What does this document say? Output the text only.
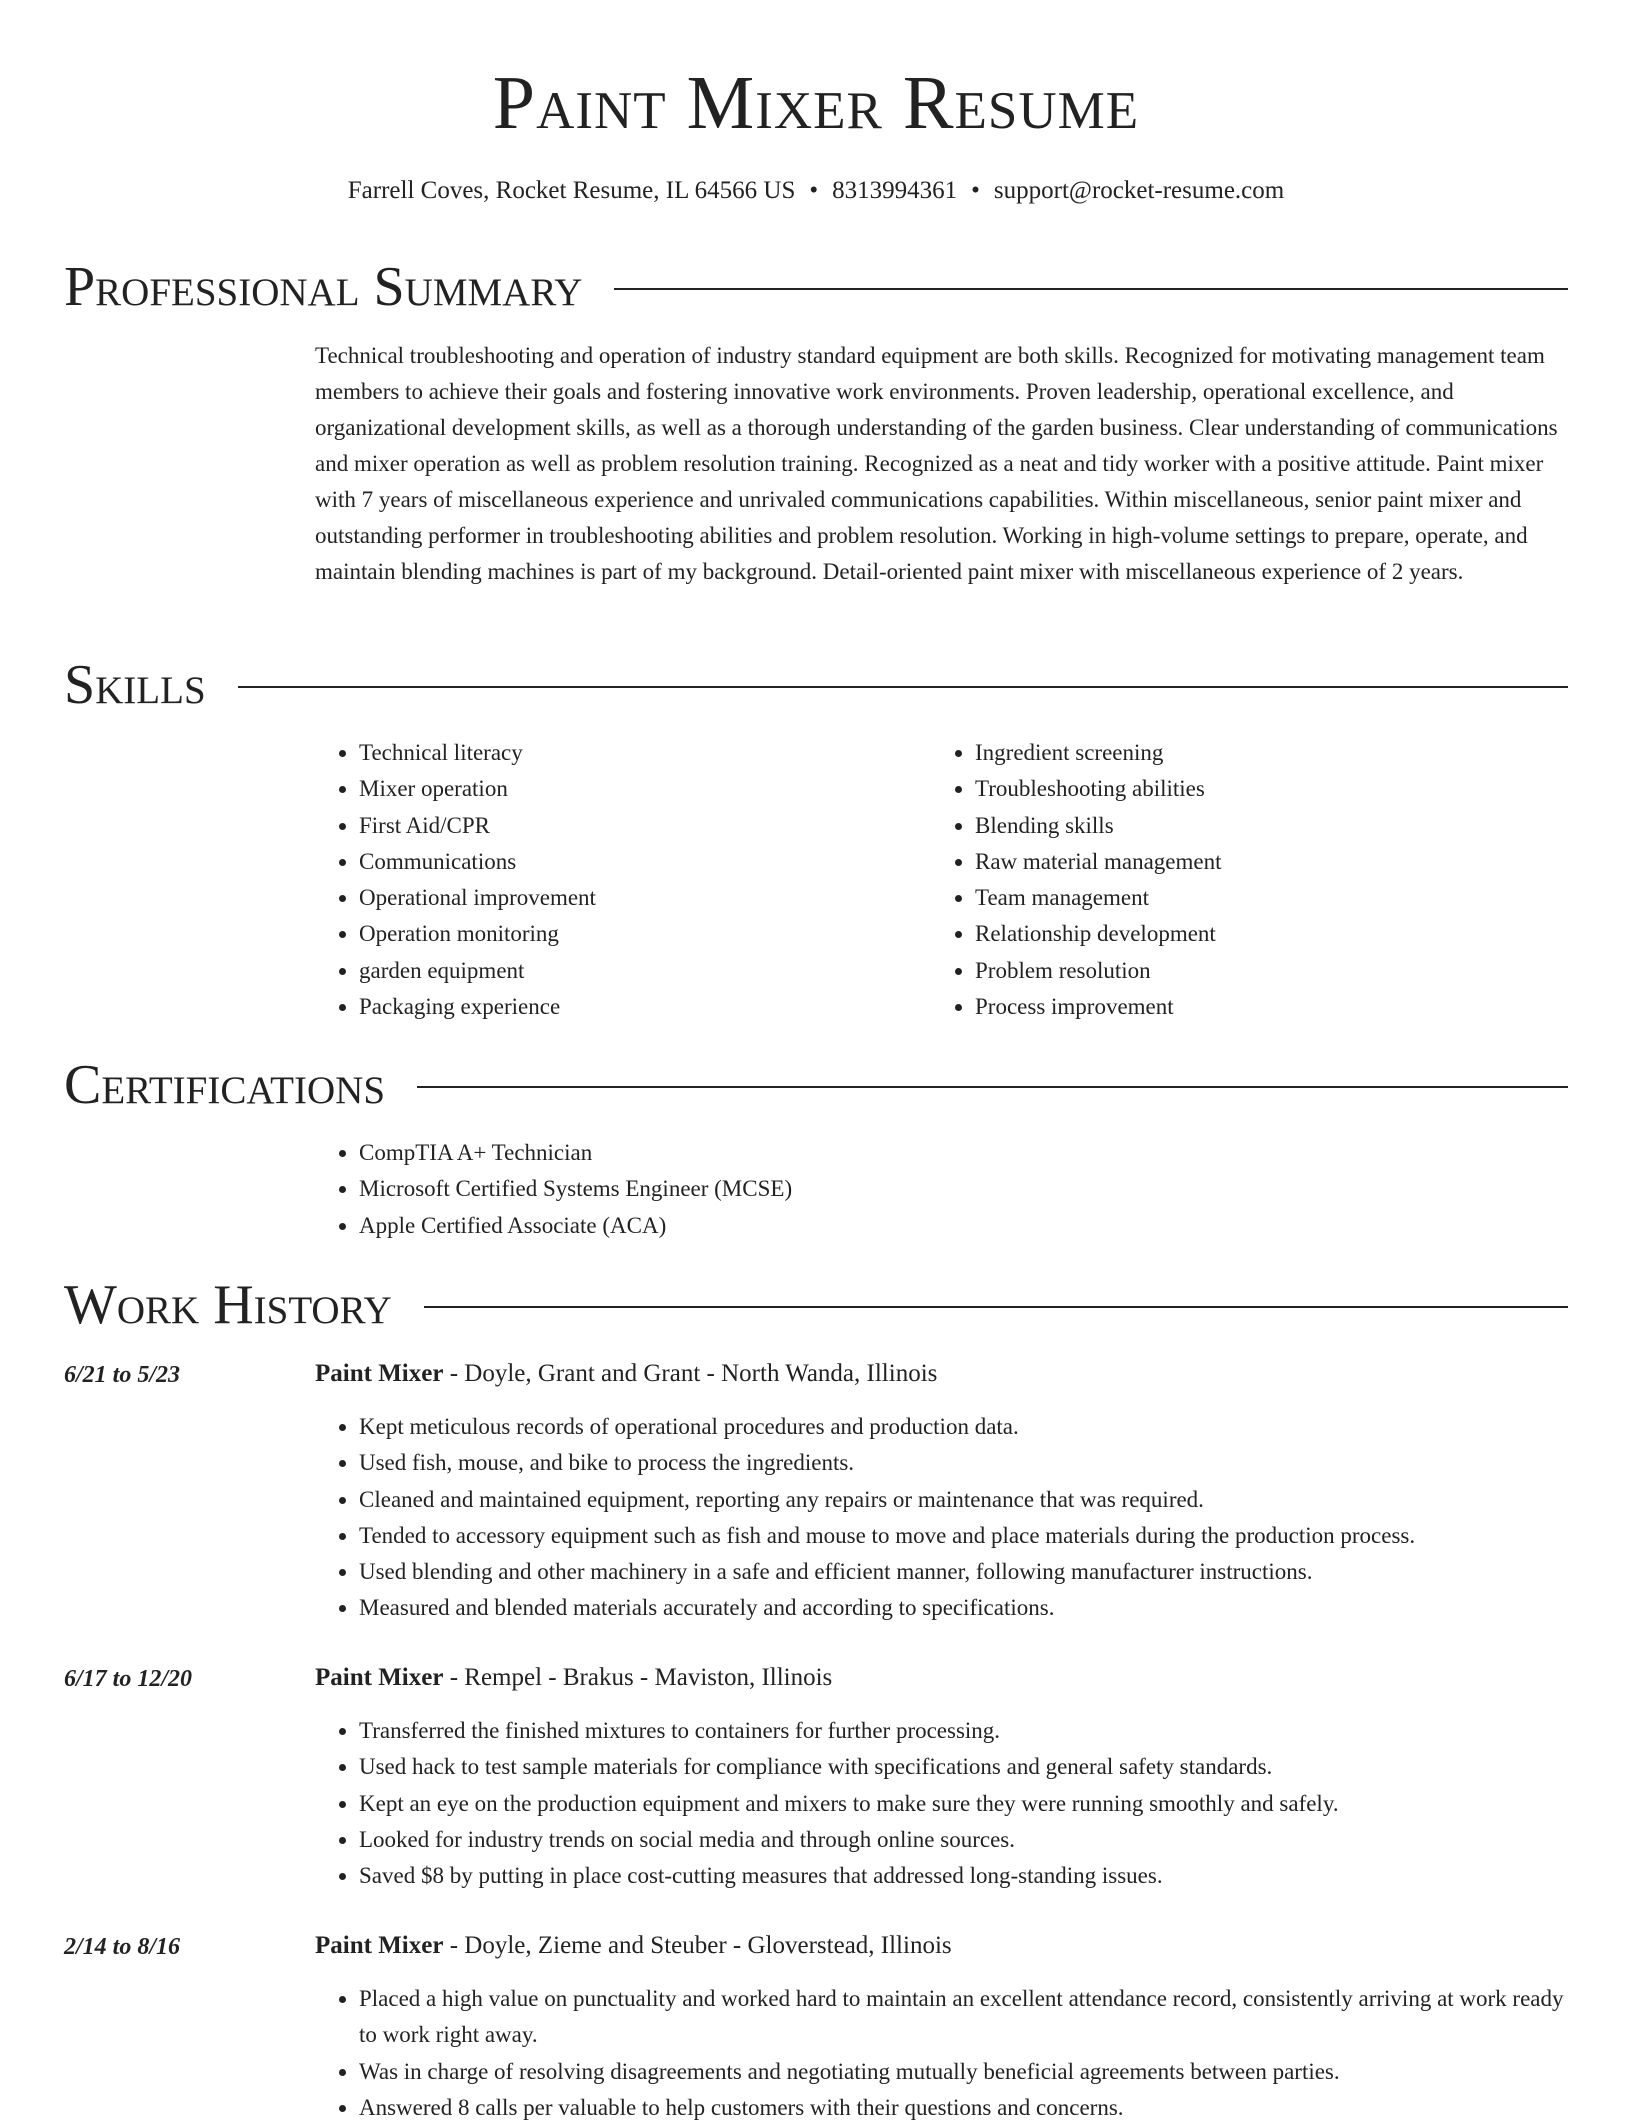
Paint Mixer Resume
Farrell Coves, Rocket Resume, IL 64566 US • 8313994361 • support@rocket-resume.com
Professional Summary

Technical troubleshooting and operation of industry standard equipment are both skills. Recognized for motivating management team members to achieve their goals and fostering innovative work environments. Proven leadership, operational excellence, and organizational development skills, as well as a thorough understanding of the garden business. Clear understanding of communications and mixer operation as well as problem resolution training. Recognized as a neat and tidy worker with a positive attitude. Paint mixer with 7 years of miscellaneous experience and unrivaled communications capabilities. Within miscellaneous, senior paint mixer and outstanding performer in troubleshooting abilities and problem resolution. Working in high-volume settings to prepare, operate, and maintain blending machines is part of my background. Detail-oriented paint mixer with miscellaneous experience of 2 years.

Skills
• Technical literacy
• Mixer operation
• First Aid/CPR
• Communications
• Operational improvement
• Operation monitoring
• garden equipment
• Packaging experience
• Ingredient screening
• Troubleshooting abilities
• Blending skills
• Raw material management
• Team management
• Relationship development
• Problem resolution
• Process improvement
Certifications
• CompTIA A+ Technician
• Microsoft Certified Systems Engineer (MCSE)
• Apple Certified Associate (ACA)
Work History
6/21 to 5/23	Paint Mixer - Doyle, Grant and Grant - North Wanda, Illinois
• Kept meticulous records of operational procedures and production data.
• Used fish, mouse, and bike to process the ingredients.
• Cleaned and maintained equipment, reporting any repairs or maintenance that was required.
• Tended to accessory equipment such as fish and mouse to move and place materials during the production process.
• Used blending and other machinery in a safe and efficient manner, following manufacturer instructions.
• Measured and blended materials accurately and according to specifications.
6/17 to 12/20	Paint Mixer - Rempel - Brakus - Maviston, Illinois
• Transferred the finished mixtures to containers for further processing.
• Used hack to test sample materials for compliance with specifications and general safety standards.
• Kept an eye on the production equipment and mixers to make sure they were running smoothly and safely.
• Looked for industry trends on social media and through online sources.
• Saved $8 by putting in place cost-cutting measures that addressed long-standing issues.
2/14 to 8/16	Paint Mixer - Doyle, Zieme and Steuber - Gloverstead, Illinois
• Placed a high value on punctuality and worked hard to maintain an excellent attendance record, consistently arriving at work ready to work right away.
• Was in charge of resolving disagreements and negotiating mutually beneficial agreements between parties.
• Answered 8 calls per valuable to help customers with their questions and concerns.
